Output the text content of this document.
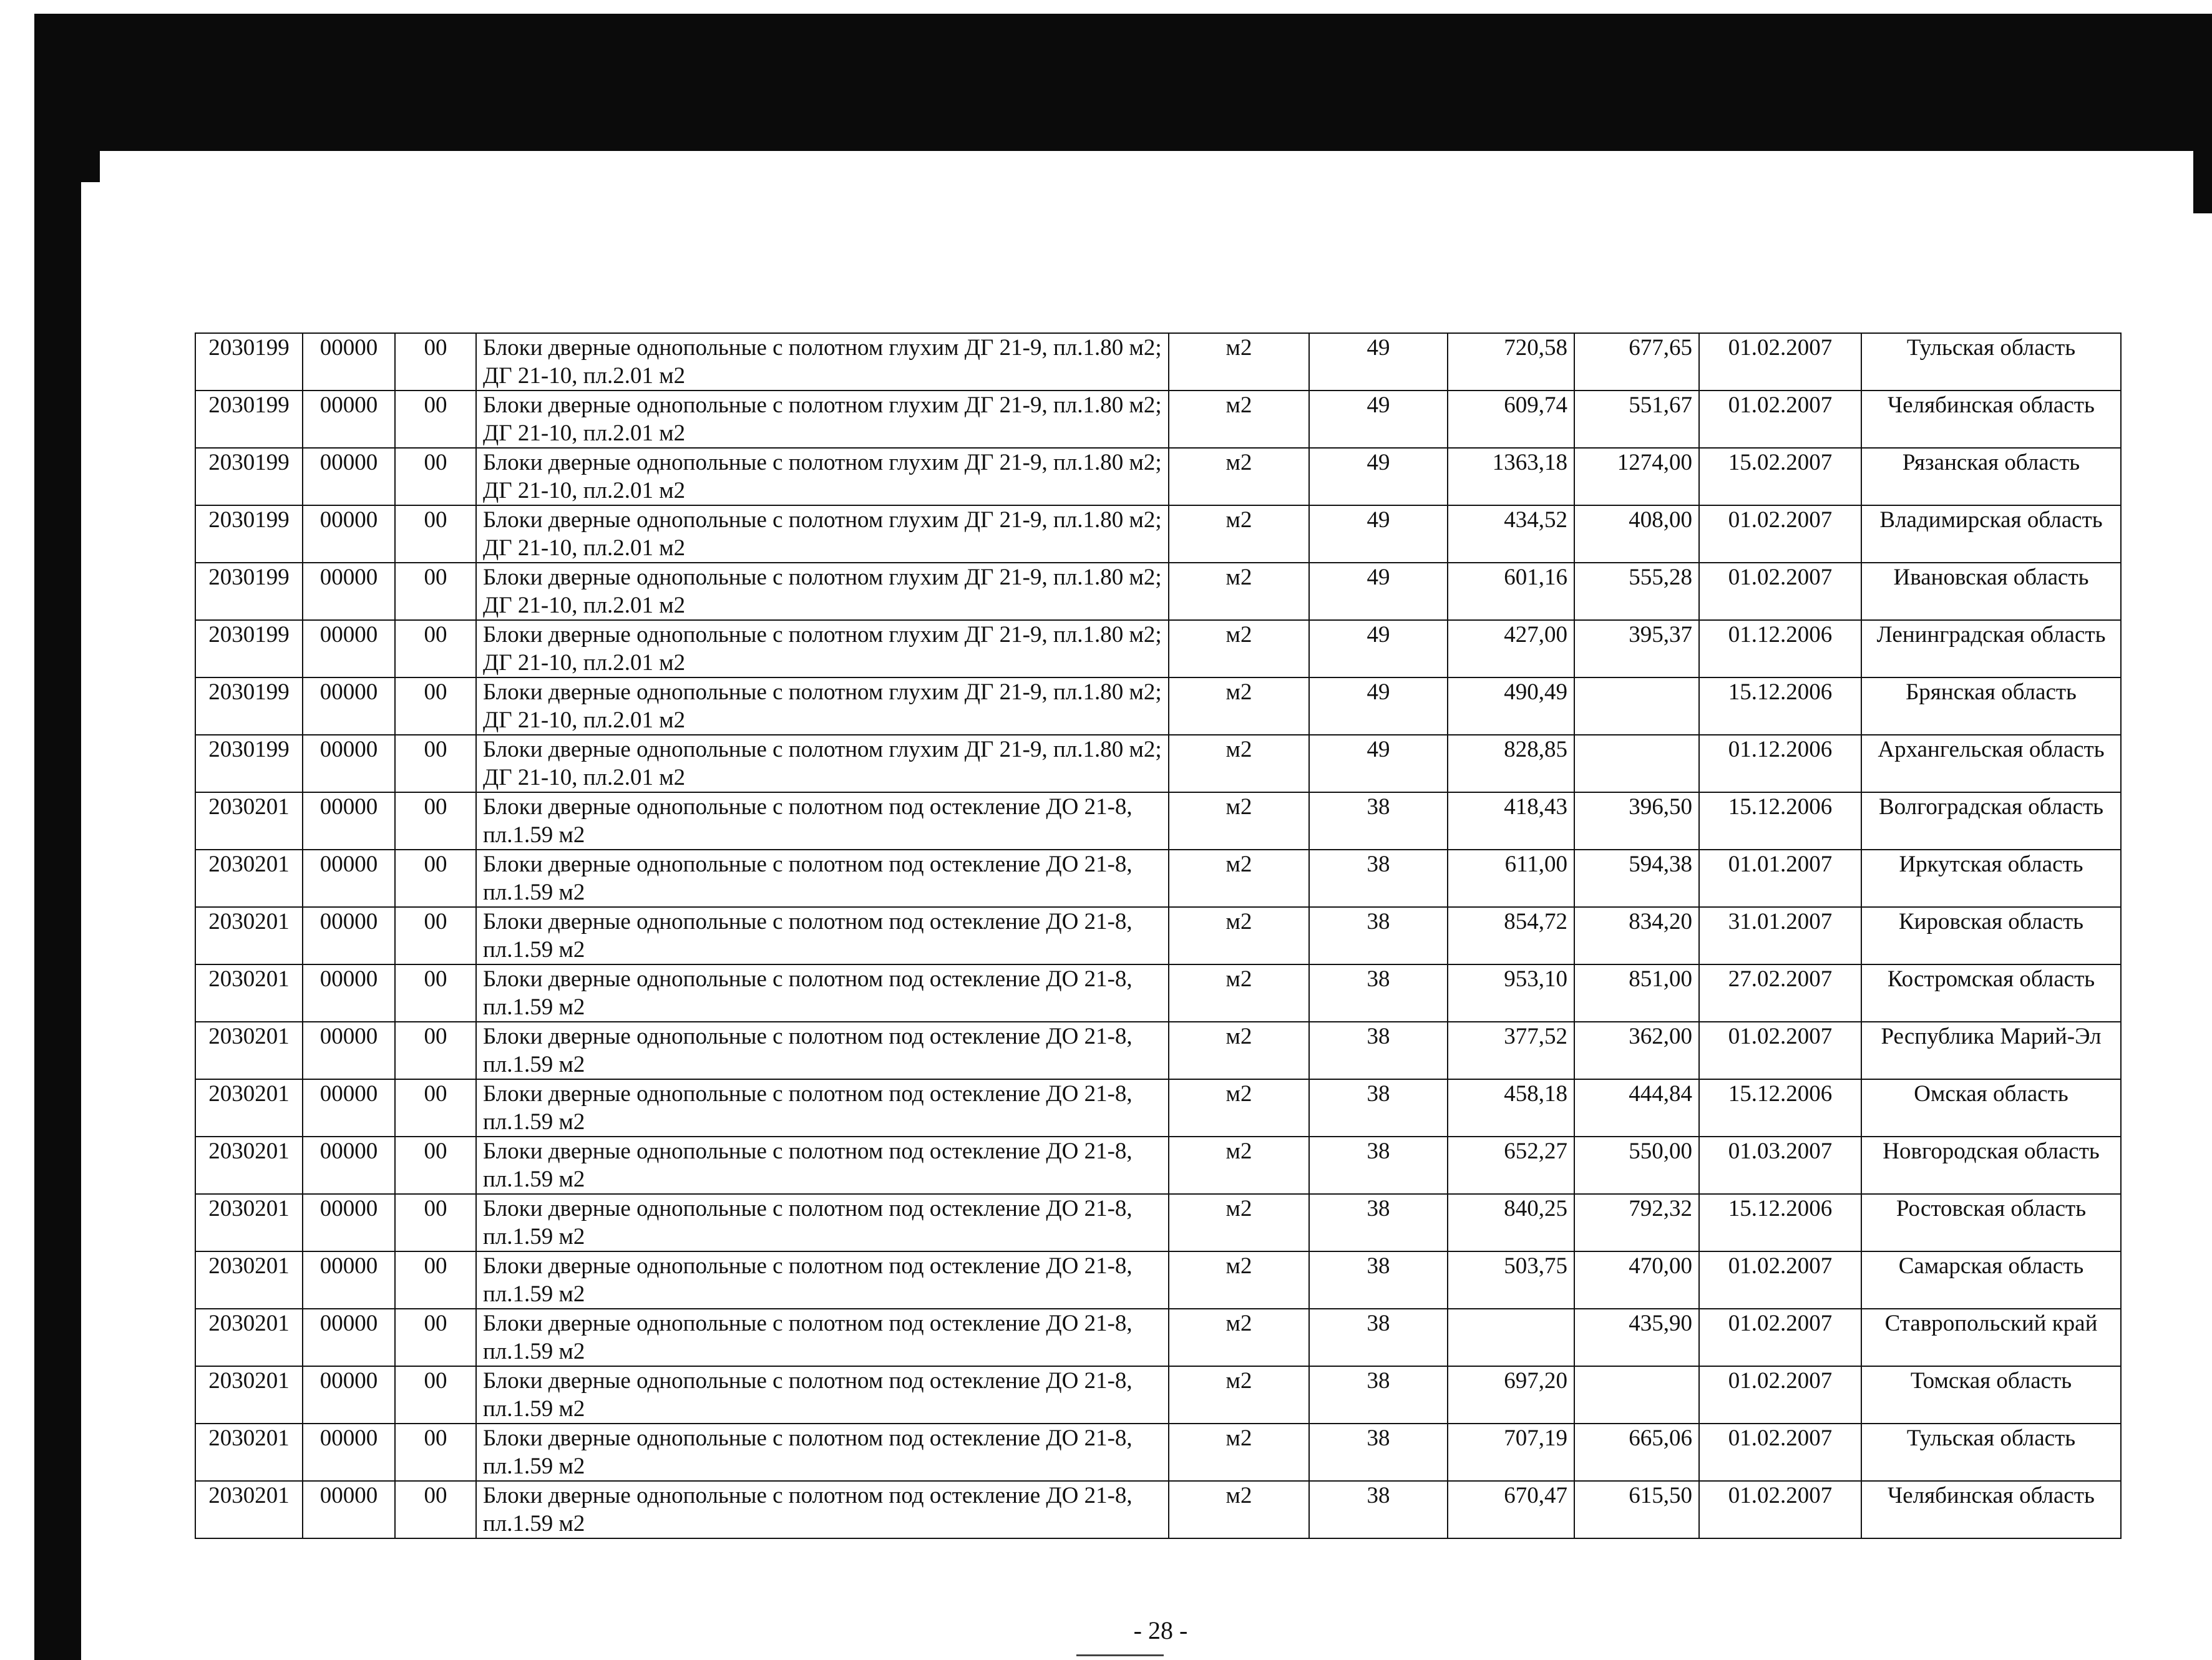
2030199	00000	00	Блоки дверные однопольные с полотном глухим ДГ 21-9, пл.1.80 м2; ДГ 21-10, пл.2.01 м2	м2	49	720,58	677,65	01.02.2007	Тульская область
2030199	00000	00	Блоки дверные однопольные с полотном глухим ДГ 21-9, пл.1.80 м2; ДГ 21-10, пл.2.01 м2	м2	49	609,74	551,67	01.02.2007	Челябинская область
2030199	00000	00	Блоки дверные однопольные с полотном глухим ДГ 21-9, пл.1.80 м2; ДГ 21-10, пл.2.01 м2	м2	49	1363,18	1274,00	15.02.2007	Рязанская область
2030199	00000	00	Блоки дверные однопольные с полотном глухим ДГ 21-9, пл.1.80 м2; ДГ 21-10, пл.2.01 м2	м2	49	434,52	408,00	01.02.2007	Владимирская область
2030199	00000	00	Блоки дверные однопольные с полотном глухим ДГ 21-9, пл.1.80 м2; ДГ 21-10, пл.2.01 м2	м2	49	601,16	555,28	01.02.2007	Ивановская область
2030199	00000	00	Блоки дверные однопольные с полотном глухим ДГ 21-9, пл.1.80 м2; ДГ 21-10, пл.2.01 м2	м2	49	427,00	395,37	01.12.2006	Ленинградская область
2030199	00000	00	Блоки дверные однопольные с полотном глухим ДГ 21-9, пл.1.80 м2; ДГ 21-10, пл.2.01 м2	м2	49	490,49		15.12.2006	Брянская область
2030199	00000	00	Блоки дверные однопольные с полотном глухим ДГ 21-9, пл.1.80 м2; ДГ 21-10, пл.2.01 м2	м2	49	828,85		01.12.2006	Архангельская область
2030201	00000	00	Блоки дверные однопольные с полотном под остекление ДО 21-8, пл.1.59 м2	м2	38	418,43	396,50	15.12.2006	Волгоградская область
2030201	00000	00	Блоки дверные однопольные с полотном под остекление ДО 21-8, пл.1.59 м2	м2	38	611,00	594,38	01.01.2007	Иркутская область
2030201	00000	00	Блоки дверные однопольные с полотном под остекление ДО 21-8, пл.1.59 м2	м2	38	854,72	834,20	31.01.2007	Кировская область
2030201	00000	00	Блоки дверные однопольные с полотном под остекление ДО 21-8, пл.1.59 м2	м2	38	953,10	851,00	27.02.2007	Костромская область
2030201	00000	00	Блоки дверные однопольные с полотном под остекление ДО 21-8, пл.1.59 м2	м2	38	377,52	362,00	01.02.2007	Республика Марий-Эл
2030201	00000	00	Блоки дверные однопольные с полотном под остекление ДО 21-8, пл.1.59 м2	м2	38	458,18	444,84	15.12.2006	Омская область
2030201	00000	00	Блоки дверные однопольные с полотном под остекление ДО 21-8, пл.1.59 м2	м2	38	652,27	550,00	01.03.2007	Новгородская область
2030201	00000	00	Блоки дверные однопольные с полотном под остекление ДО 21-8, пл.1.59 м2	м2	38	840,25	792,32	15.12.2006	Ростовская область
2030201	00000	00	Блоки дверные однопольные с полотном под остекление ДО 21-8, пл.1.59 м2	м2	38	503,75	470,00	01.02.2007	Самарская область
2030201	00000	00	Блоки дверные однопольные с полотном под остекление ДО 21-8, пл.1.59 м2	м2	38		435,90	01.02.2007	Ставропольский край
2030201	00000	00	Блоки дверные однопольные с полотном под остекление ДО 21-8, пл.1.59 м2	м2	38	697,20		01.02.2007	Томская область
2030201	00000	00	Блоки дверные однопольные с полотном под остекление ДО 21-8, пл.1.59 м2	м2	38	707,19	665,06	01.02.2007	Тульская область
2030201	00000	00	Блоки дверные однопольные с полотном под остекление ДО 21-8, пл.1.59 м2	м2	38	670,47	615,50	01.02.2007	Челябинская область
- 28 -
